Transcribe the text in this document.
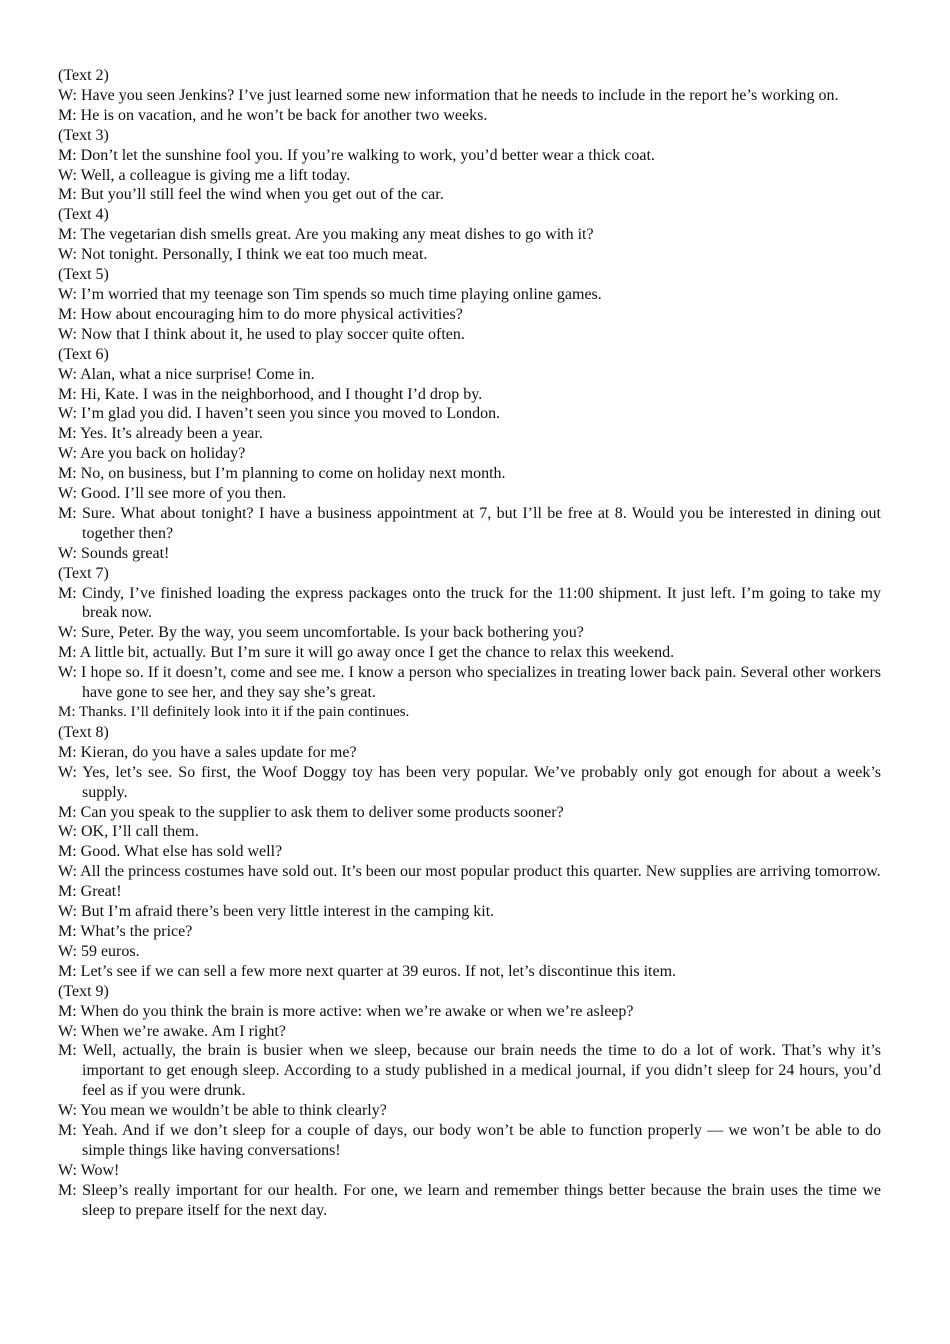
(Text 2)

W: Have you seen Jenkins? I’ve just learned some new information that he needs to include in the report he’s working on.

M: He is on vacation, and he won’t be back for another two weeks.

(Text 3)

M: Don’t let the sunshine fool you. If you’re walking to work, you’d better wear a thick coat.

W: Well, a colleague is giving me a lift today.

M: But you’ll still feel the wind when you get out of the car.

(Text 4)

M: The vegetarian dish smells great. Are you making any meat dishes to go with it?

W: Not tonight. Personally, I think we eat too much meat.

(Text 5)

W: I’m worried that my teenage son Tim spends so much time playing online games.

M: How about encouraging him to do more physical activities?

W: Now that I think about it, he used to play soccer quite often.

(Text 6)

W: Alan, what a nice surprise! Come in.

M: Hi, Kate. I was in the neighborhood, and I thought I’d drop by.

W: I’m glad you did. I haven’t seen you since you moved to London.

M: Yes. It’s already been a year.

W: Are you back on holiday?

M: No, on business, but I’m planning to come on holiday next month.

W: Good. I’ll see more of you then.

M: Sure. What about tonight? I have a business appointment at 7, but I’ll be free at 8. Would you be interested in dining out together then?

W: Sounds great!

(Text 7)

M: Cindy, I’ve finished loading the express packages onto the truck for the 11:00 shipment. It just left. I’m going to take my break now.

W: Sure, Peter. By the way, you seem uncomfortable. Is your back bothering you?

M: A little bit, actually. But I’m sure it will go away once I get the chance to relax this weekend.

W: I hope so. If it doesn’t, come and see me. I know a person who specializes in treating lower back pain. Several other workers have gone to see her, and they say she’s great.

M: Thanks. I’ll definitely look into it if the pain continues.

(Text 8)

M: Kieran, do you have a sales update for me?

W: Yes, let’s see. So first, the Woof Doggy toy has been very popular. We’ve probably only got enough for about a week’s supply.

M: Can you speak to the supplier to ask them to deliver some products sooner?

W: OK, I’ll call them.

M: Good. What else has sold well?

W: All the princess costumes have sold out. It’s been our most popular product this quarter. New supplies are arriving tomorrow.

M: Great!

W: But I’m afraid there’s been very little interest in the camping kit.

M: What’s the price?

W: 59 euros.

M: Let’s see if we can sell a few more next quarter at 39 euros. If not, let’s discontinue this item.

(Text 9)

M: When do you think the brain is more active: when we’re awake or when we’re asleep?

W: When we’re awake. Am I right?

M: Well, actually, the brain is busier when we sleep, because our brain needs the time to do a lot of work. That’s why it’s important to get enough sleep. According to a study published in a medical journal, if you didn’t sleep for 24 hours, you’d feel as if you were drunk.

W: You mean we wouldn’t be able to think clearly?

M: Yeah. And if we don’t sleep for a couple of days, our body won’t be able to function properly — we won’t be able to do simple things like having conversations!

W: Wow!

M: Sleep’s really important for our health. For one, we learn and remember things better because the brain uses the time we sleep to prepare itself for the next day.
